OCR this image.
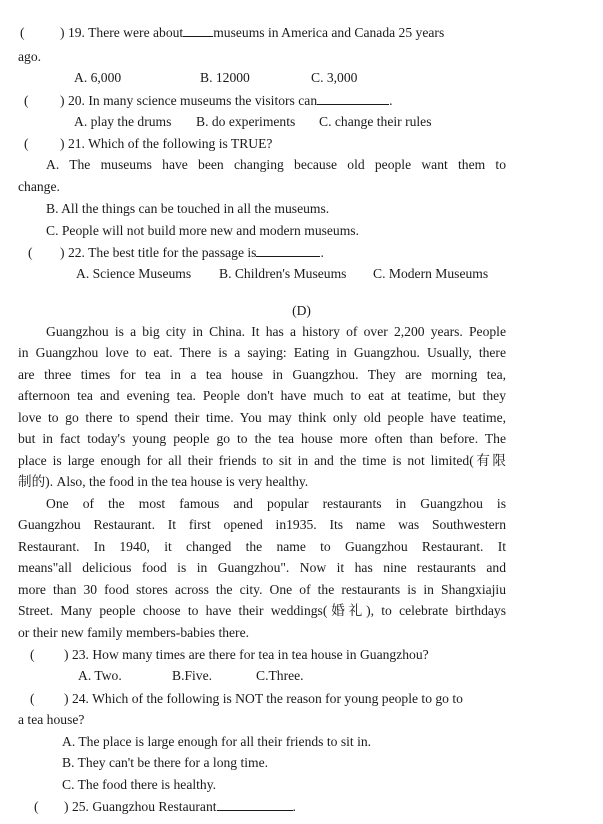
(	) 19. There were about museums in America and Canada 25 years
ago.
A. 6,000	B. 12000	C. 3,000
( ) 20. In many science museums the visitors can	.
A. play the drums B. do experiments C. change their rules
( ) 21. Which of the following is TRUE?
A. The museums have been changing because old people want them to
change.
B. All the things can be touched in all the museums.
C. People will not build more new and modern museums.
( ) 22. The best title for the passage is	.
A. Science Museums B. Children's Museums C. Modern Museums
(D)
Guangzhou is a big city in China. It has a history of over 2,200 years. People
in Guangzhou love to eat. There is a saying: Eating in Guangzhou. Usually, there
are three times for tea in a tea house in Guangzhou. They are morning tea,
afternoon tea and evening tea. People don't have much to eat at teatime, but they
love to go there to spend their time. You may think only old people have teatime,
but in fact today's young people go to the tea house more often than before. The
place is large enough for all their friends to sit in and the time is not limited(有限
制的). Also, the food in the tea house is very healthy.
One of the most famous and popular restaurants in Guangzhou is
Guangzhou Restaurant. It first opened in1935. Its name was Southwestern
Restaurant. In 1940, it changed the name to Guangzhou Restaurant. It
means"all delicious food is in Guangzhou". Now it has nine restaurants and
more than 30 food stores across the city. One of the restaurants is in Shangxiajiu
Street. Many people choose to have their weddings(婚礼), to celebrate birthdays
or their new family members-babies there.
( ) 23. How many times are there for tea in tea house in Guangzhou?
A. Two.	B.Five.	C.Three.
( ) 24. Which of the following is NOT the reason for young people to go to
a tea house?
A. The place is large enough for all their friends to sit in.
B. They can't be there for a long time.
C. The food there is healthy.
( ) 25. Guangzhou Restaurant	.
